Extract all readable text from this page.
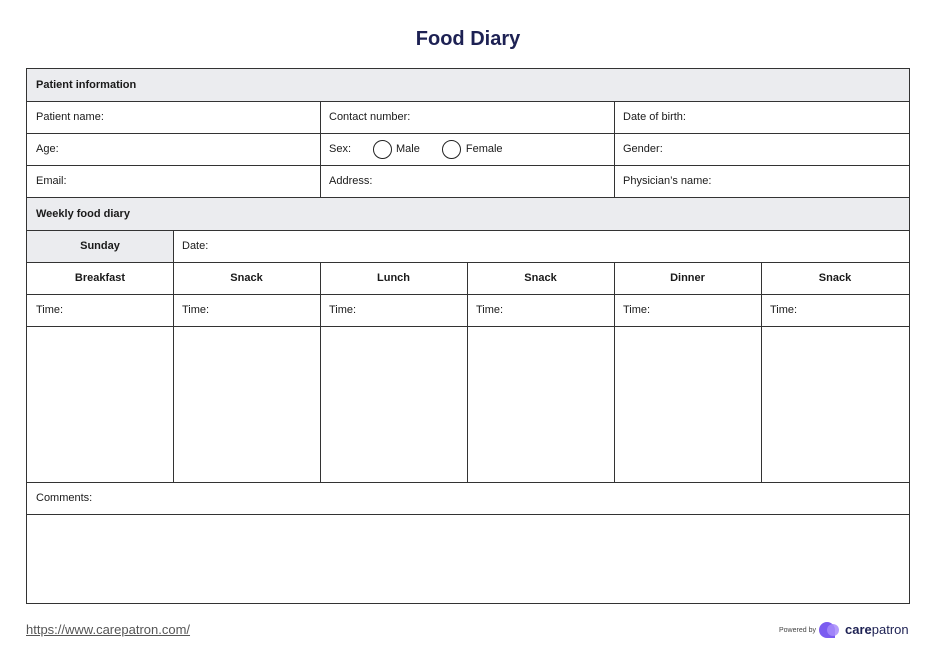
Food Diary
Patient information
Patient name:	Contact number:	Date of birth:
Age:	Sex:	Male	Female	Gender:
Email:	Address:	Physician’s name:
Weekly food diary
Sunday	Date:
Breakfast	Snack	Lunch	Snack	Dinner	Snack
Time:	Time:	Time:	Time:	Time:	Time:
Comments:
https://www.carepatron.com/	Powered by carepatron
